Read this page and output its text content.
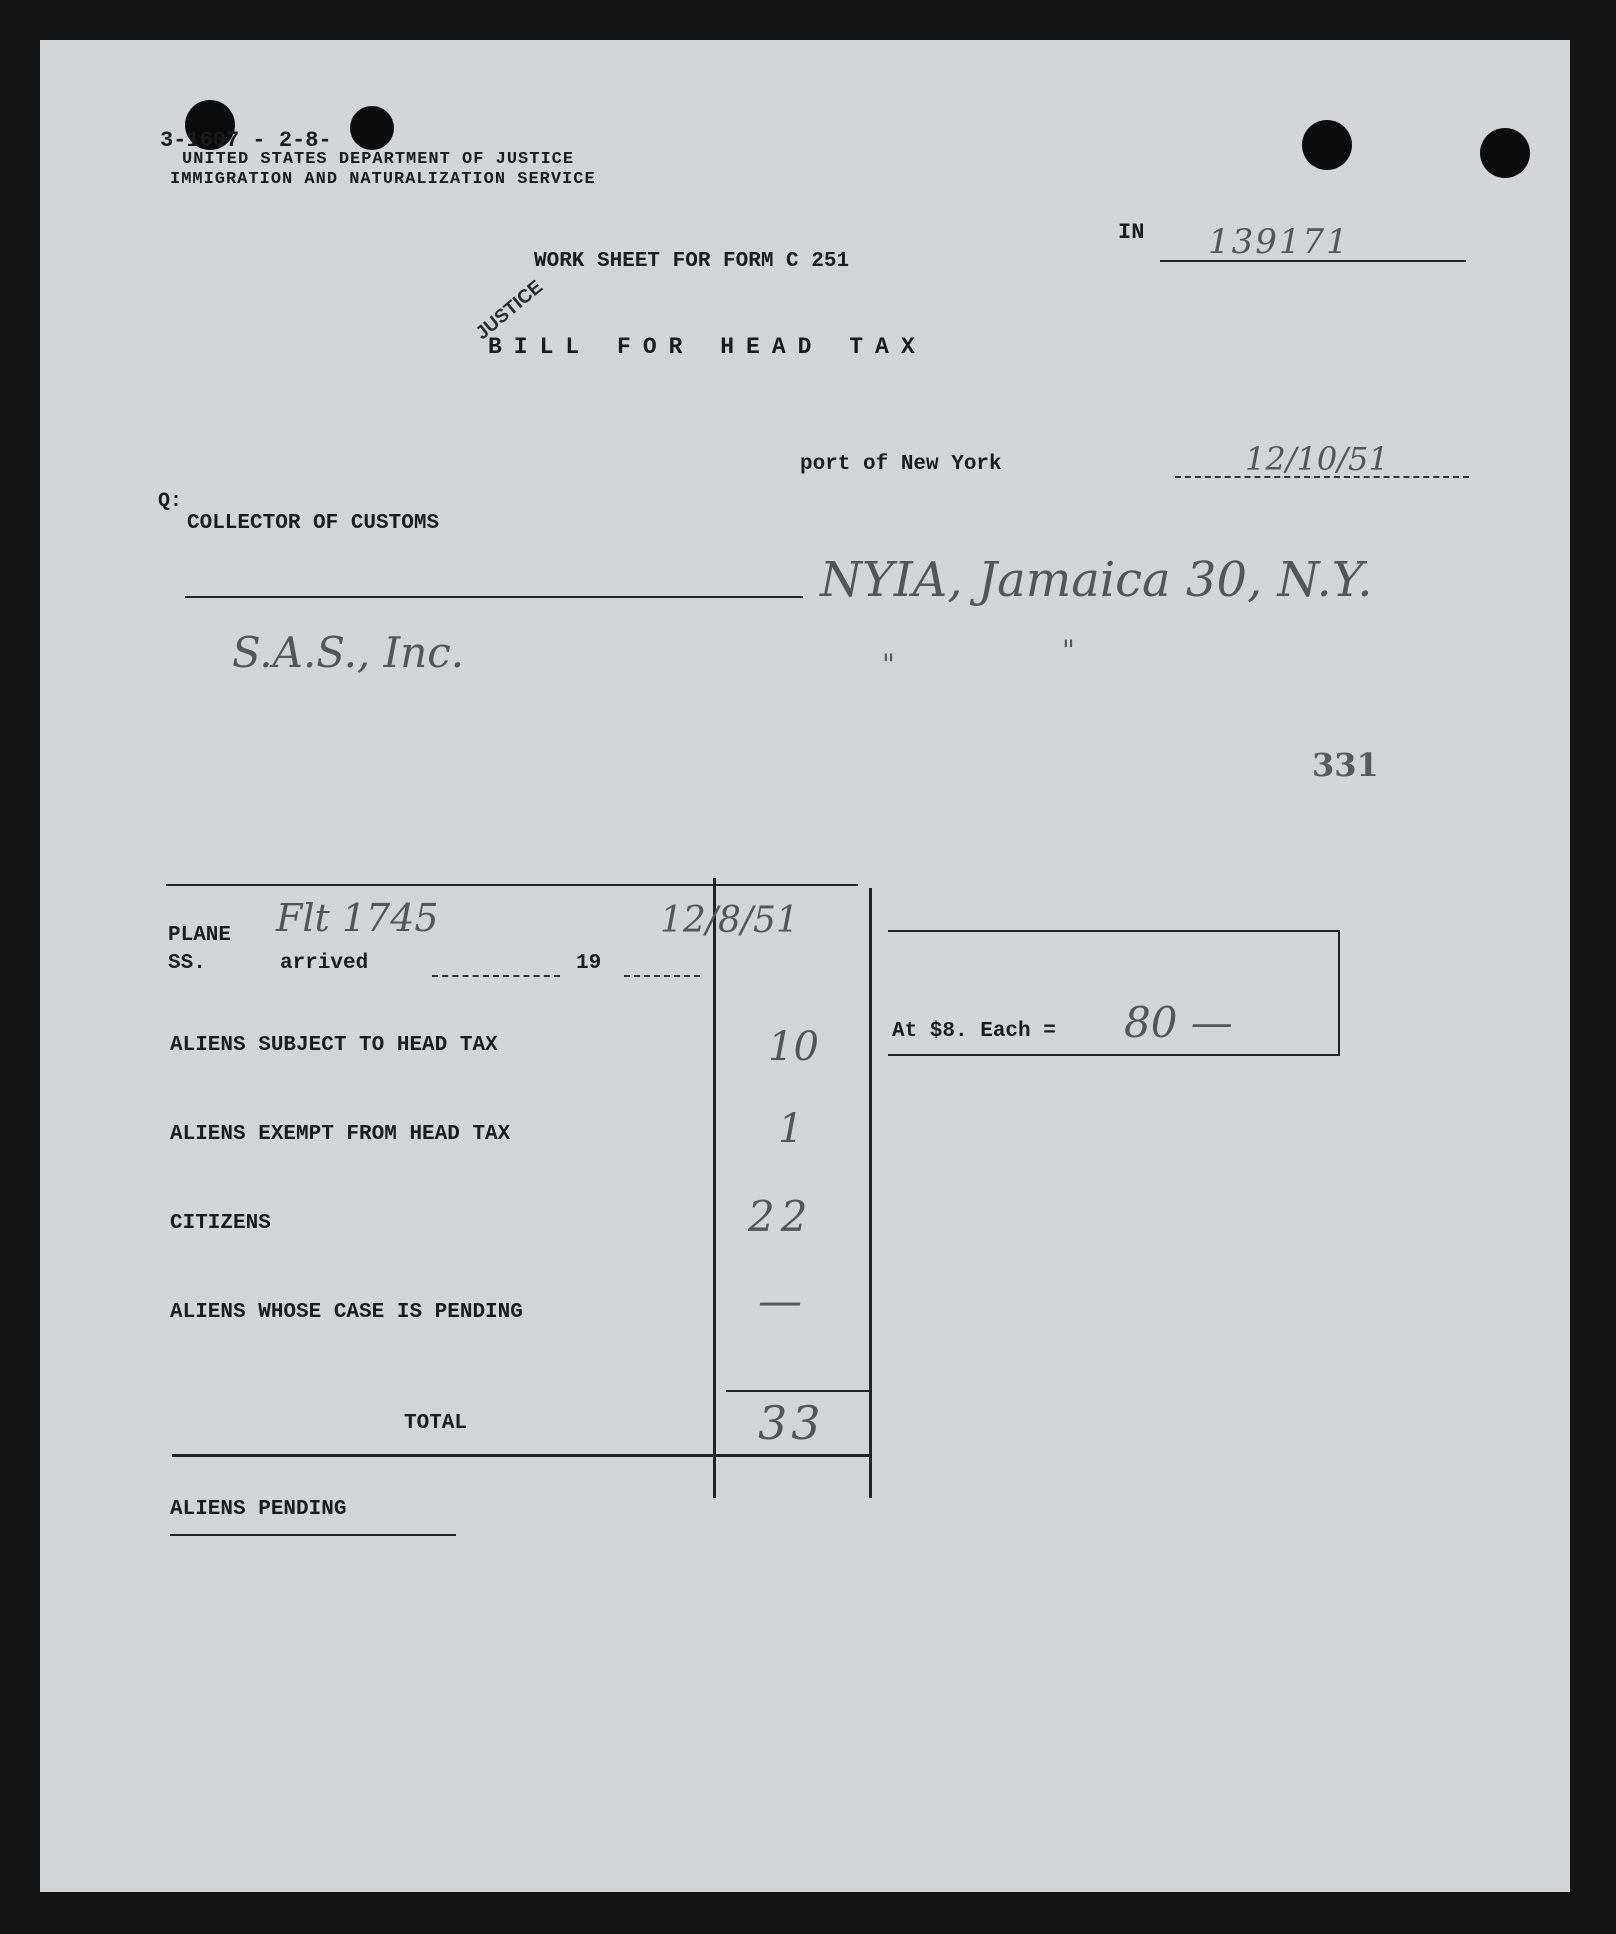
3-1607 - 2-8-
UNITED STATES DEPARTMENT OF JUSTICE
IMMIGRATION AND NATURALIZATION SERVICE
IN 139171
WORK SHEET FOR FORM C 251
BILL FOR HEAD TAX
JUSTICE
port of New York	12/10/51
Q:
COLLECTOR OF CUSTOMS
NYIA, Jamaica 30, N.Y.
"	"
S.A.S., Inc.
331
PLANE
SS.	arrived	19
Flt 1745	12/8/51
ALIENS SUBJECT TO HEAD TAX	10
ALIENS EXEMPT FROM HEAD TAX	1
CITIZENS	22
ALIENS WHOSE CASE IS PENDING	—
TOTAL	33
At $8. Each = 80 —
ALIENS PENDING
